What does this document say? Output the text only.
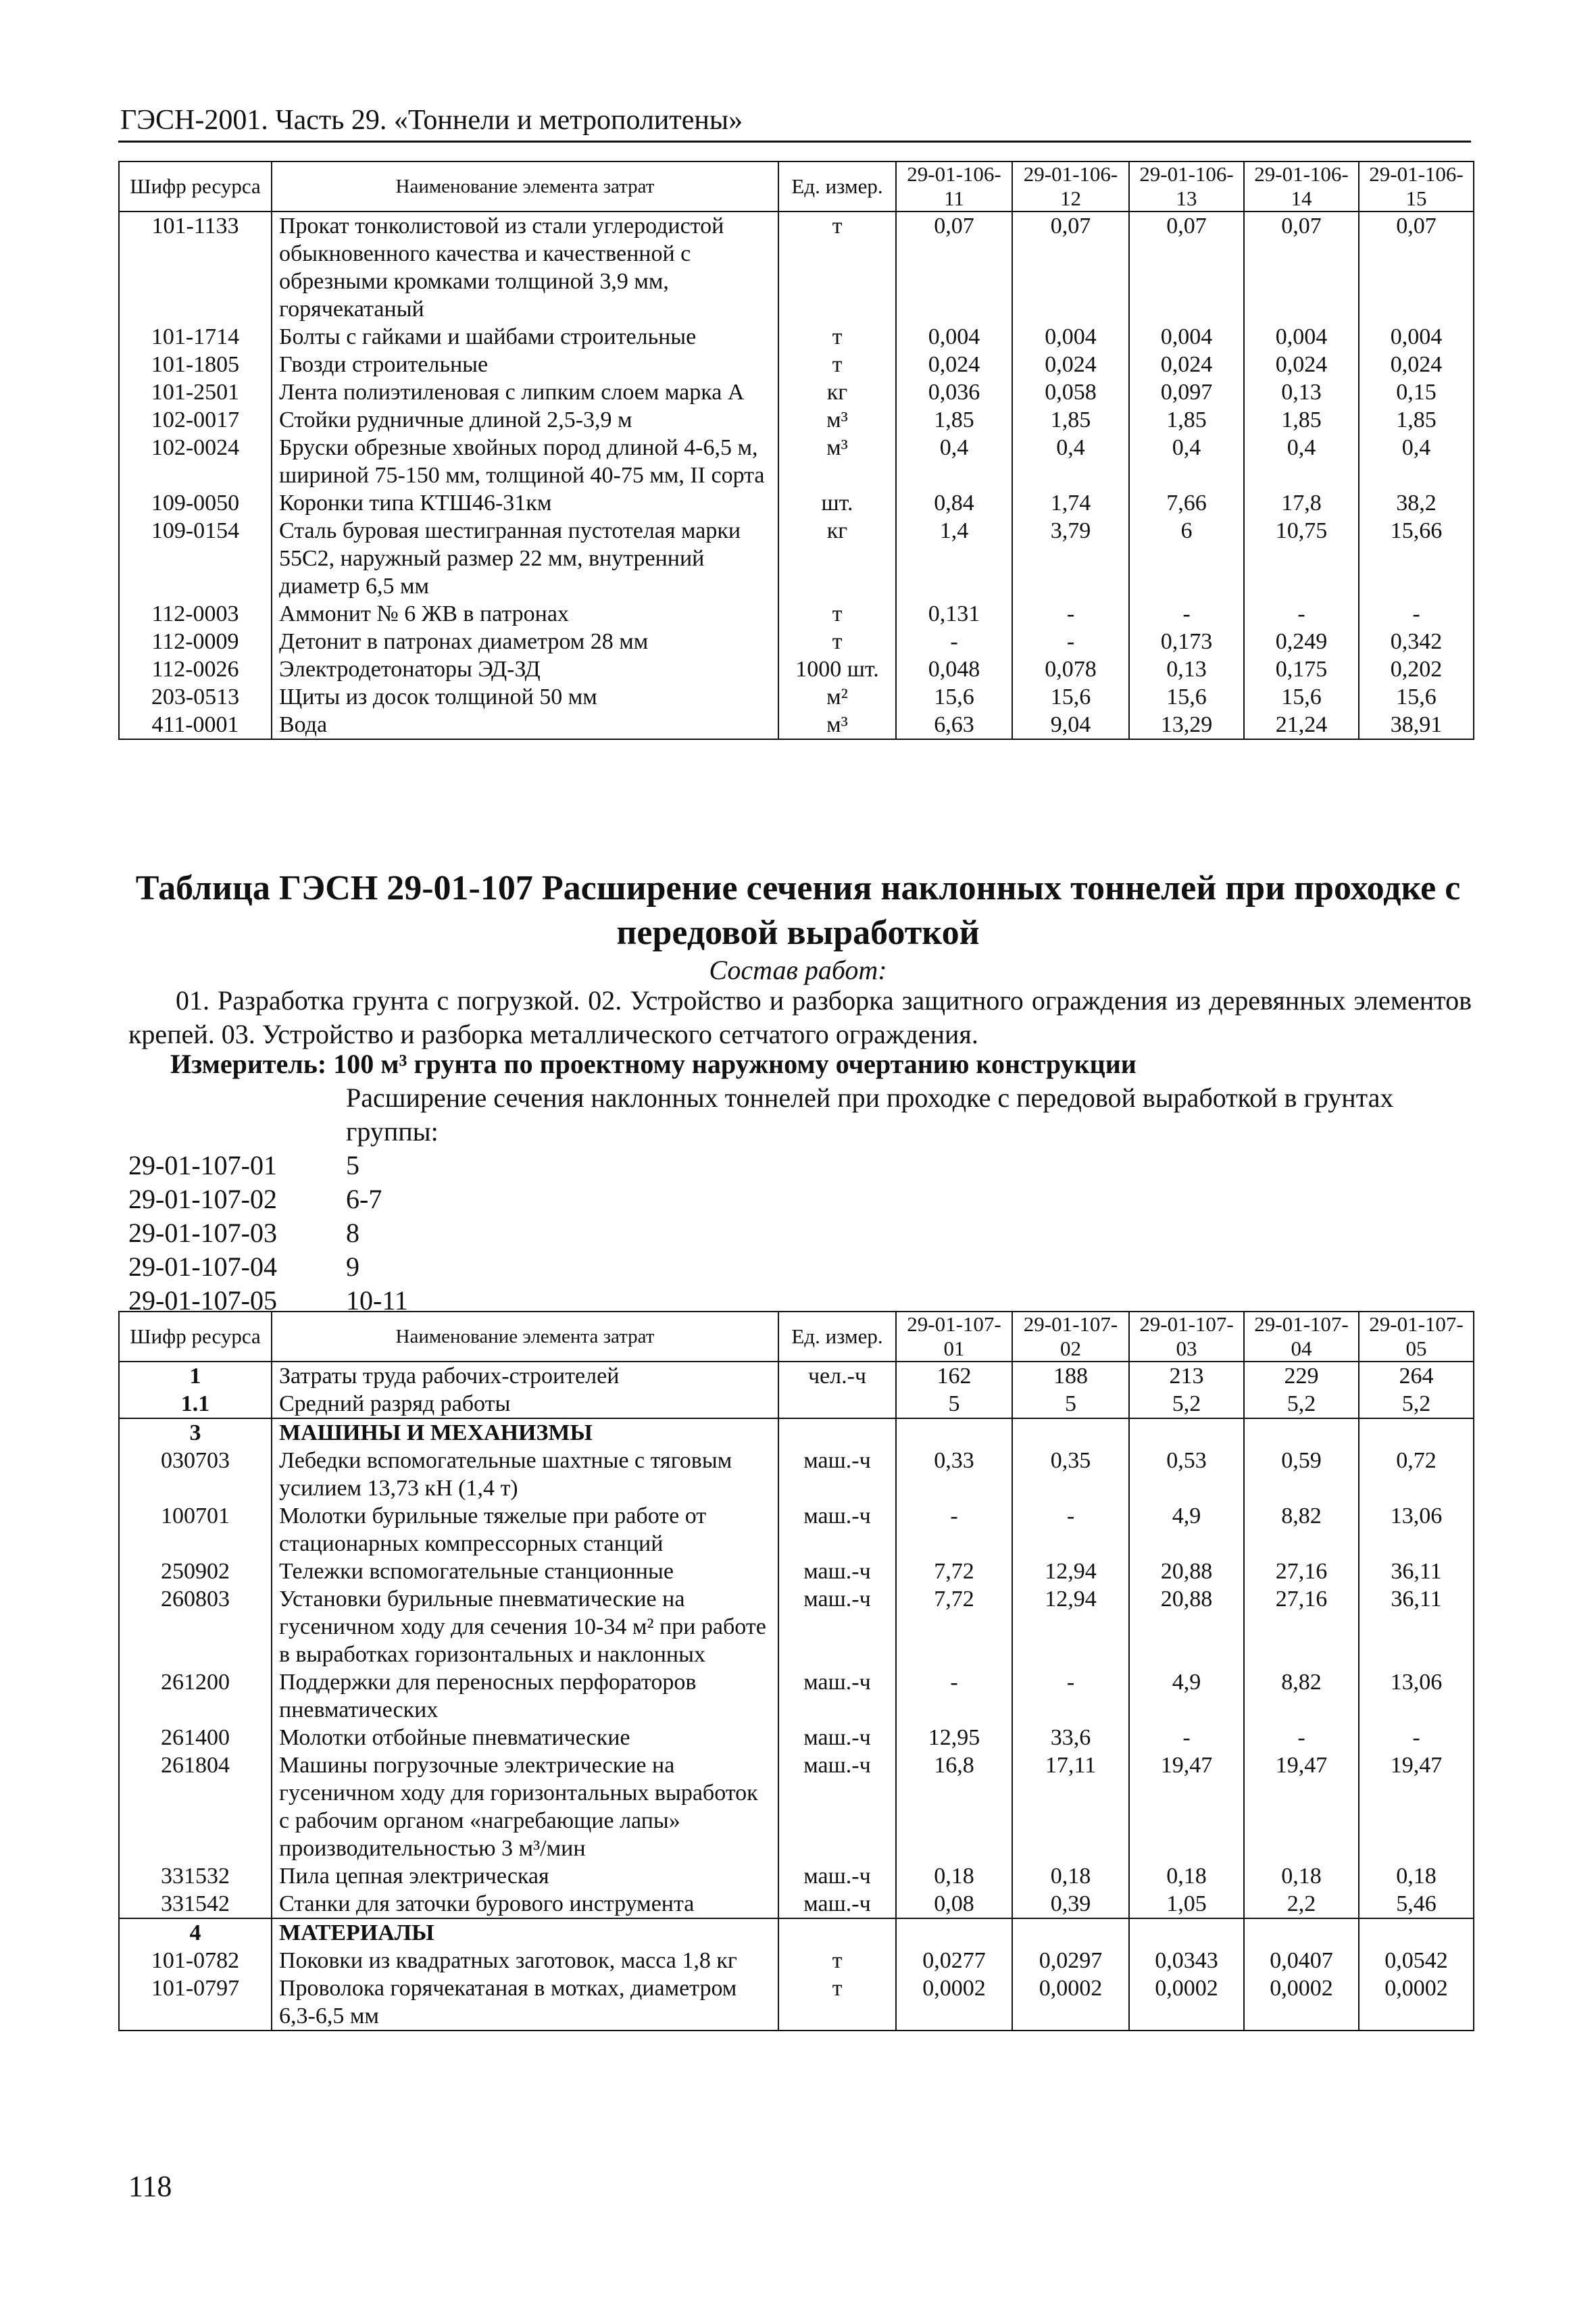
ГЭСН-2001. Часть 29. «Тоннели и метрополитены»
Шифр ресурса	Наименование элемента затрат	Ед. измер.	29-01-106-11	29-01-106-12	29-01-106-13	29-01-106-14	29-01-106-15
101-1133	Прокат тонколистовой из стали углеродистой обыкновенного качества и качественной с обрезными кромками толщиной 3,9 мм, горячекатаный	т	0,07	0,07	0,07	0,07	0,07
101-1714	Болты с гайками и шайбами строительные	т	0,004	0,004	0,004	0,004	0,004
101-1805	Гвозди строительные	т	0,024	0,024	0,024	0,024	0,024
101-2501	Лента полиэтиленовая с липким слоем марка А	кг	0,036	0,058	0,097	0,13	0,15
102-0017	Стойки рудничные длиной 2,5-3,9 м	м³	1,85	1,85	1,85	1,85	1,85
102-0024	Бруски обрезные хвойных пород длиной 4-6,5 м, шириной 75-150 мм, толщиной 40-75 мм, II сорта	м³	0,4	0,4	0,4	0,4	0,4
109-0050	Коронки типа КТШ46-31км	шт.	0,84	1,74	7,66	17,8	38,2
109-0154	Сталь буровая шестигранная пустотелая марки 55С2, наружный размер 22 мм, внутренний диаметр 6,5 мм	кг	1,4	3,79	6	10,75	15,66
112-0003	Аммонит № 6 ЖВ в патронах	т	0,131	-	-	-	-
112-0009	Детонит в патронах диаметром 28 мм	т	-	-	0,173	0,249	0,342
112-0026	Электродетонаторы ЭД-ЗД	1000 шт.	0,048	0,078	0,13	0,175	0,202
203-0513	Щиты из досок толщиной 50 мм	м²	15,6	15,6	15,6	15,6	15,6
411-0001	Вода	м³	6,63	9,04	13,29	21,24	38,91
Таблица ГЭСН 29-01-107 Расширение сечения наклонных тоннелей при проходке с передовой выработкой
Состав работ:
01. Разработка грунта с погрузкой. 02. Устройство и разборка защитного ограждения из деревянных элементов крепей. 03. Устройство и разборка металлического сетчатого ограждения.
Измеритель: 100 м³ грунта по проектному наружному очертанию конструкции
Расширение сечения наклонных тоннелей при проходке с передовой выработкой в грунтах группы:
29-01-107-01	5
29-01-107-02	6-7
29-01-107-03	8
29-01-107-04	9
29-01-107-05	10-11
Шифр ресурса	Наименование элемента затрат	Ед. измер.	29-01-107-01	29-01-107-02	29-01-107-03	29-01-107-04	29-01-107-05
1	Затраты труда рабочих-строителей	чел.-ч	162	188	213	229	264
1.1	Средний разряд работы		5	5	5,2	5,2	5,2
3	МАШИНЫ И МЕХАНИЗМЫ						
030703	Лебедки вспомогательные шахтные с тяговым усилием 13,73 кН (1,4 т)	маш.-ч	0,33	0,35	0,53	0,59	0,72
100701	Молотки бурильные тяжелые при работе от стационарных компрессорных станций	маш.-ч	-	-	4,9	8,82	13,06
250902	Тележки вспомогательные станционные	маш.-ч	7,72	12,94	20,88	27,16	36,11
260803	Установки бурильные пневматические на гусеничном ходу для сечения 10-34 м² при работе в выработках горизонтальных и наклонных	маш.-ч	7,72	12,94	20,88	27,16	36,11
261200	Поддержки для переносных перфораторов пневматических	маш.-ч	-	-	4,9	8,82	13,06
261400	Молотки отбойные пневматические	маш.-ч	12,95	33,6	-	-	-
261804	Машины погрузочные электрические на гусеничном ходу для горизонтальных выработок с рабочим органом «нагребающие лапы» производительностью 3 м³/мин	маш.-ч	16,8	17,11	19,47	19,47	19,47
331532	Пила цепная электрическая	маш.-ч	0,18	0,18	0,18	0,18	0,18
331542	Станки для заточки бурового инструмента	маш.-ч	0,08	0,39	1,05	2,2	5,46
4	МАТЕРИАЛЫ						
101-0782	Поковки из квадратных заготовок, масса 1,8 кг	т	0,0277	0,0297	0,0343	0,0407	0,0542
101-0797	Проволока горячекатаная в мотках, диаметром 6,3-6,5 мм	т	0,0002	0,0002	0,0002	0,0002	0,0002
118
